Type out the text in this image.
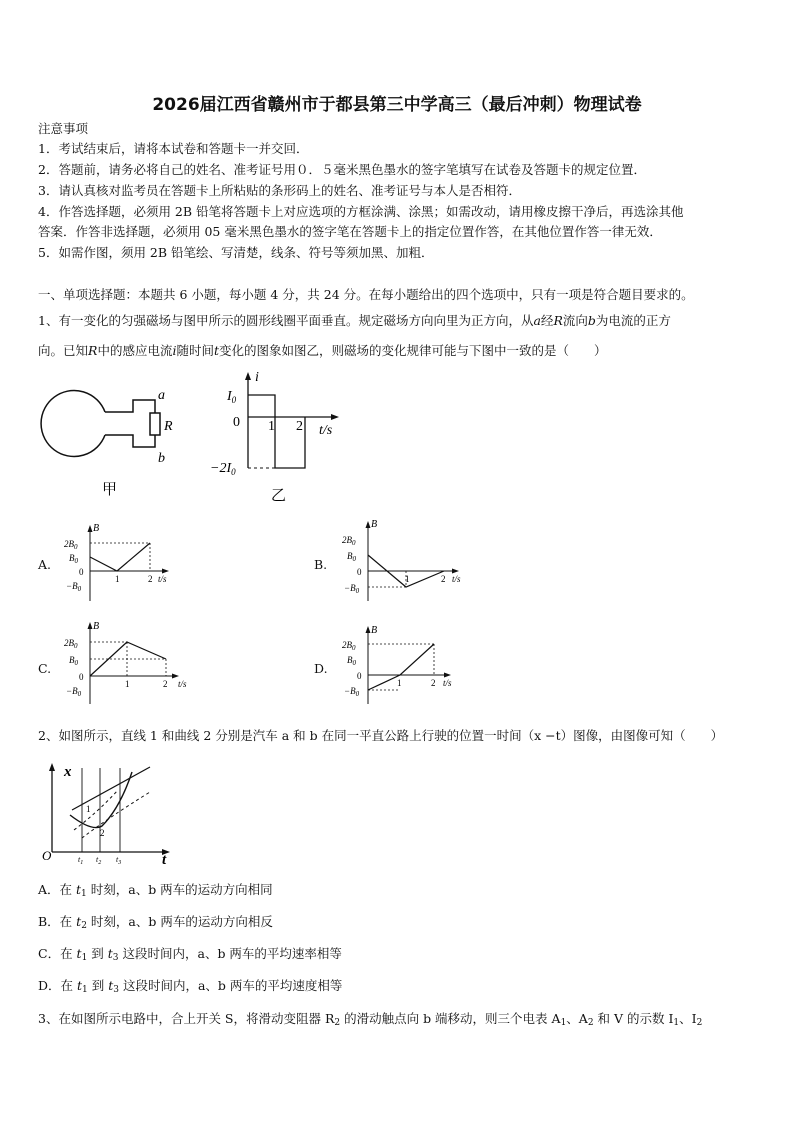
2026届江西省赣州市于都县第三中学高三（最后冲刺）物理试卷
注意事项
1．考试结束后，请将本试卷和答题卡一并交回．
2．答题前，请务必将自己的姓名、准考证号用０．５毫米黑色墨水的签字笔填写在试卷及答题卡的规定位置．
3．请认真核对监考员在答题卡上所粘贴的条形码上的姓名、准考证号与本人是否相符．
4．作答选择题，必须用 2B 铅笔将答题卡上对应选项的方框涂满、涂黑；如需改动，请用橡皮擦干净后，再选涂其他
答案．作答非选择题，必须用 05 毫米黑色墨水的签字笔在答题卡上的指定位置作答，在其他位置作答一律无效．
5．如需作图，须用 2B 铅笔绘、写清楚，线条、符号等须加黑、加粗．
一、单项选择题：本题共 6 小题，每小题 4 分，共 24 分。在每小题给出的四个选项中，只有一项是符合题目要求的。
1、有一变化的匀强磁场与图甲所示的圆形线圈平面垂直。规定磁场方向向里为正方向，从a经R流向b为电流的正方
向。已知R中的感应电流i随时间t变化的图象如图乙，则磁场的变化规律可能与下图中一致的是（　　）
a
R
b
甲
i
$I_0$
0 1 2 t/s
$-2I_0$
乙
A.
B
$2B_0$
$B_0$
0
$-B_0$
1	2 t/s
B.
B
$2B_0$
$B_0$
0
$-B_0$
1	2 t/s
C.
B
$2B_0$
$B_0$
0
$-B_0$
1	2 t/s
D.
B
$2B_0$
$B_0$
0
$-B_0$
1	2 t/s
2、如图所示，直线 1 和曲线 2 分别是汽车 a 和 b 在同一平直公路上行驶的位置一时间（x −t）图像，由图像可知（　　）
x
O	t
1
2
$t_1$ $t_2$ $t_3$
A．在 $t_1$ 时刻，a、b 两车的运动方向相同
B．在 $t_2$ 时刻，a、b 两车的运动方向相反
C．在 $t_1$ 到 $t_3$ 这段时间内，a、b 两车的平均速率相等
D．在 $t_1$ 到 $t_3$ 这段时间内，a、b 两车的平均速度相等
3、在如图所示电路中，合上开关 S，将滑动变阻器 $R_2$ 的滑动触点向 b 端移动，则三个电表 $A_1$、$A_2$ 和 V 的示数 $I_1$、$I_2$
